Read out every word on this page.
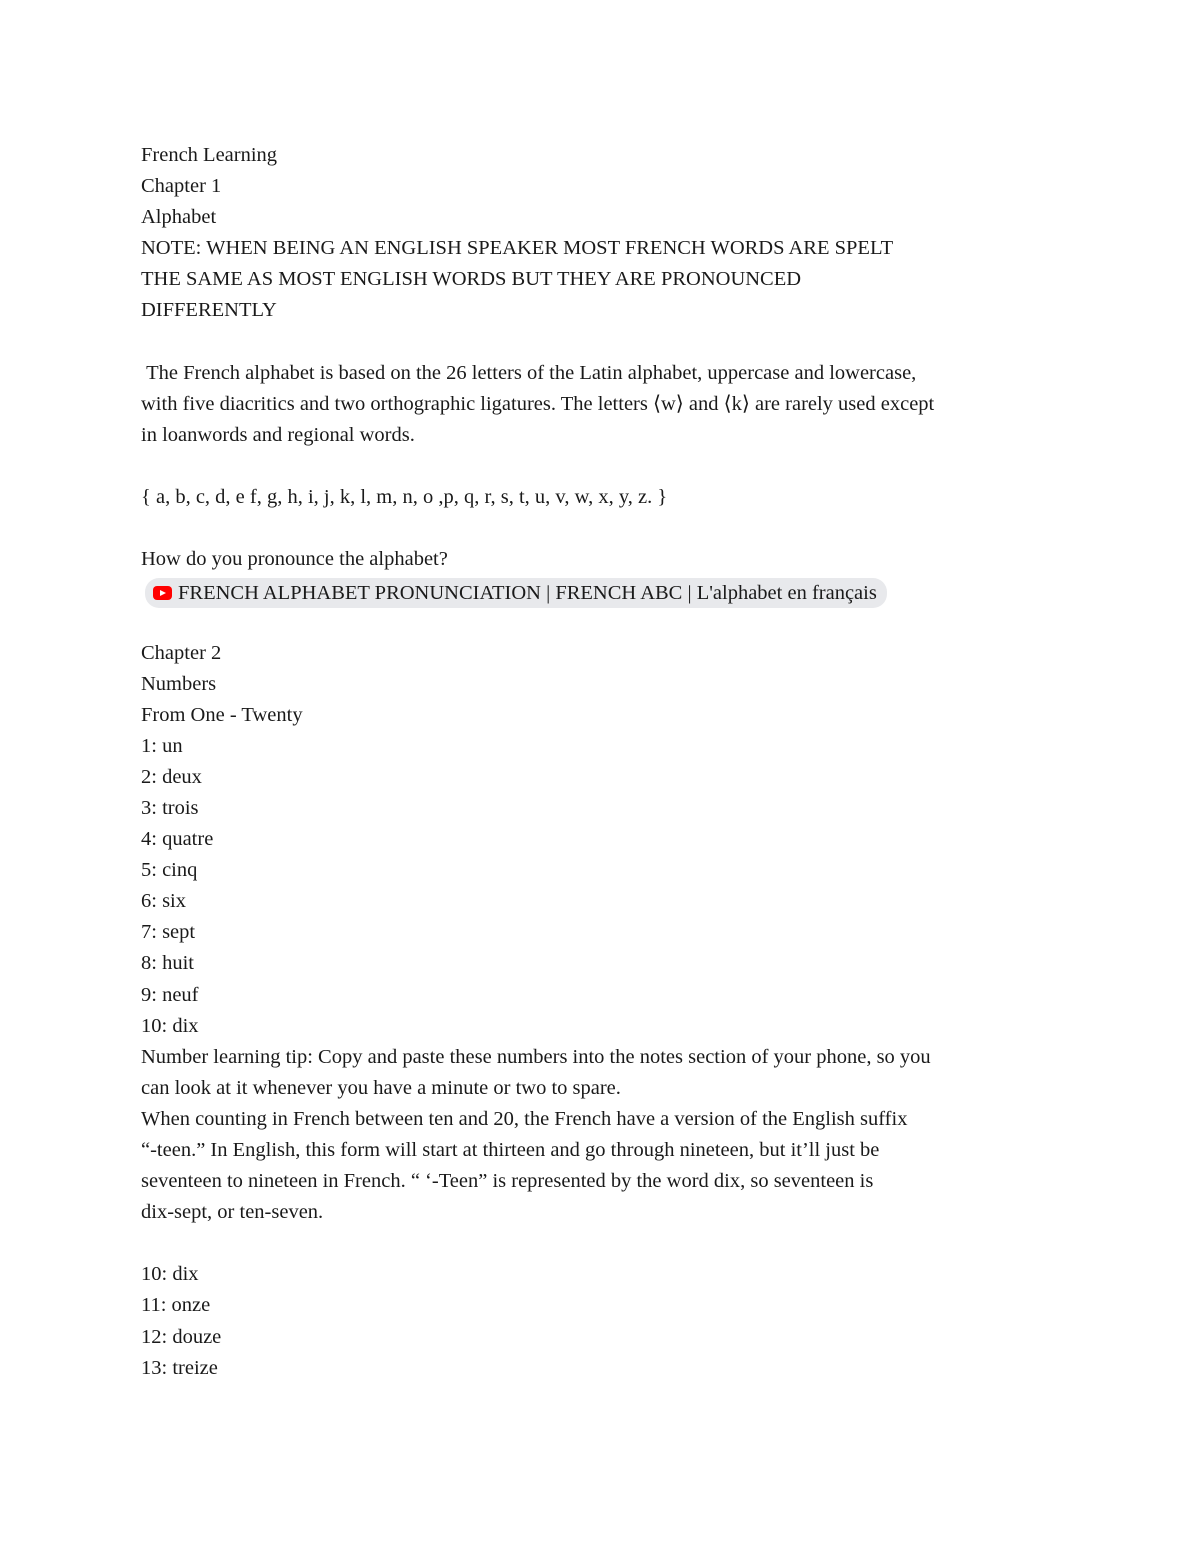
French Learning
Chapter 1
Alphabet
NOTE: WHEN BEING AN ENGLISH SPEAKER MOST FRENCH WORDS ARE SPELT
THE SAME AS MOST ENGLISH WORDS BUT THEY ARE PRONOUNCED
DIFFERENTLY
The French alphabet is based on the 26 letters of the Latin alphabet, uppercase and lowercase,
with five diacritics and two orthographic ligatures. The letters ⟨w⟩ and ⟨k⟩ are rarely used except
in loanwords and regional words.
{ a, b, c, d, e f, g, h, i, j, k, l, m, n, o ,p, q, r, s, t, u, v, w, x, y, z. }
How do you pronounce the alphabet?
FRENCH ALPHABET PRONUNCIATION | FRENCH ABC | L'alphabet en français
Chapter 2
Numbers
From One - Twenty
1: un
2: deux
3: trois
4: quatre
5: cinq
6: six
7: sept
8: huit
9: neuf
10: dix
Number learning tip: Copy and paste these numbers into the notes section of your phone, so you
can look at it whenever you have a minute or two to spare.
When counting in French between ten and 20, the French have a version of the English suffix
“-teen.” In English, this form will start at thirteen and go through nineteen, but it’ll just be
seventeen to nineteen in French. “ ‘-Teen” is represented by the word dix, so seventeen is
dix-sept, or ten-seven.
10: dix
11: onze
12: douze
13: treize
